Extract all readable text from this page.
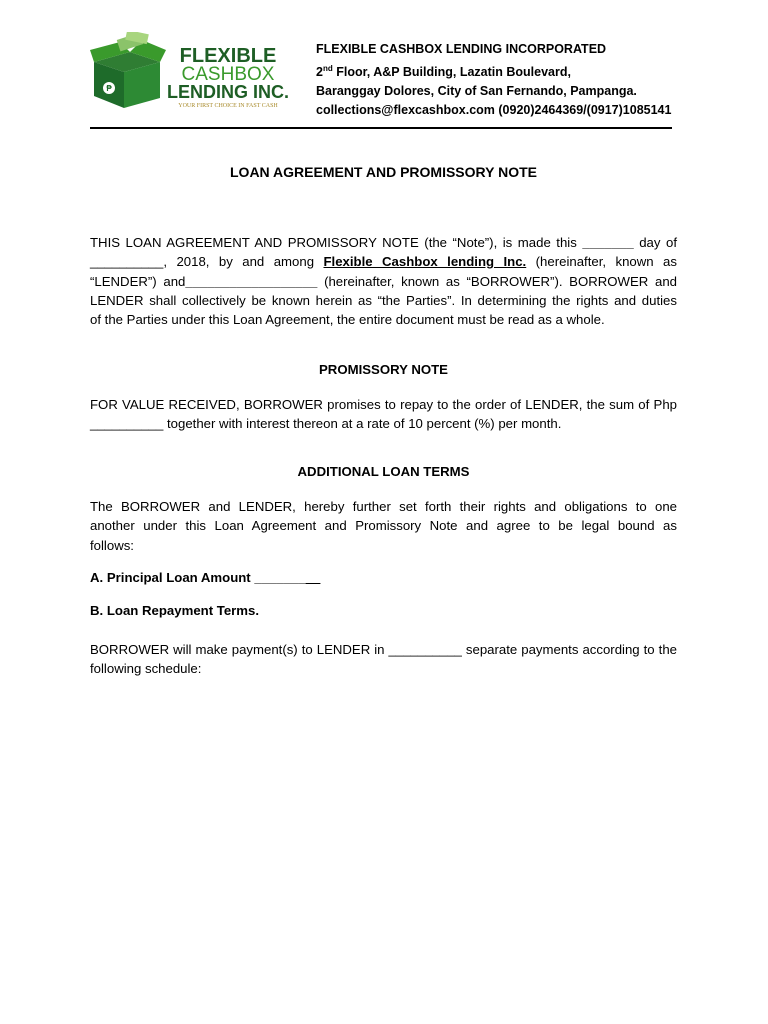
₱
FLEXIBLE
CASHBOX
LENDING INC.
YOUR FIRST CHOICE IN FAST CASH
FLEXIBLE CASHBOX LENDING INCORPORATED
2nd Floor, A&P Building, Lazatin Boulevard,
Baranggay Dolores, City of San Fernando, Pampanga.
collections@flexcashbox.com (0920)2464369/(0917)1085141
LOAN AGREEMENT AND PROMISSORY NOTE
THIS LOAN AGREEMENT AND PROMISSORY NOTE (the “Note”), is made this _______ day of
__________, 2018, by and among Flexible Cashbox lending Inc. (hereinafter, known as
“LENDER”) and__________________ (hereinafter, known as “BORROWER”). BORROWER and
LENDER shall collectively be known herein as “the Parties”. In determining the rights and duties
of the Parties under this Loan Agreement, the entire document must be read as a whole.
PROMISSORY NOTE
FOR VALUE RECEIVED, BORROWER promises to repay to the order of LENDER, the sum of Php
__________ together with interest thereon at a rate of 10 percent (%) per month.
ADDITIONAL LOAN TERMS
The BORROWER and LENDER, hereby further set forth their rights and obligations to one
another under this Loan Agreement and Promissory Note and agree to be legal bound as
follows:
A. Principal Loan Amount _________
B. Loan Repayment Terms.
BORROWER will make payment(s) to LENDER in __________ separate payments according to the
following schedule:
